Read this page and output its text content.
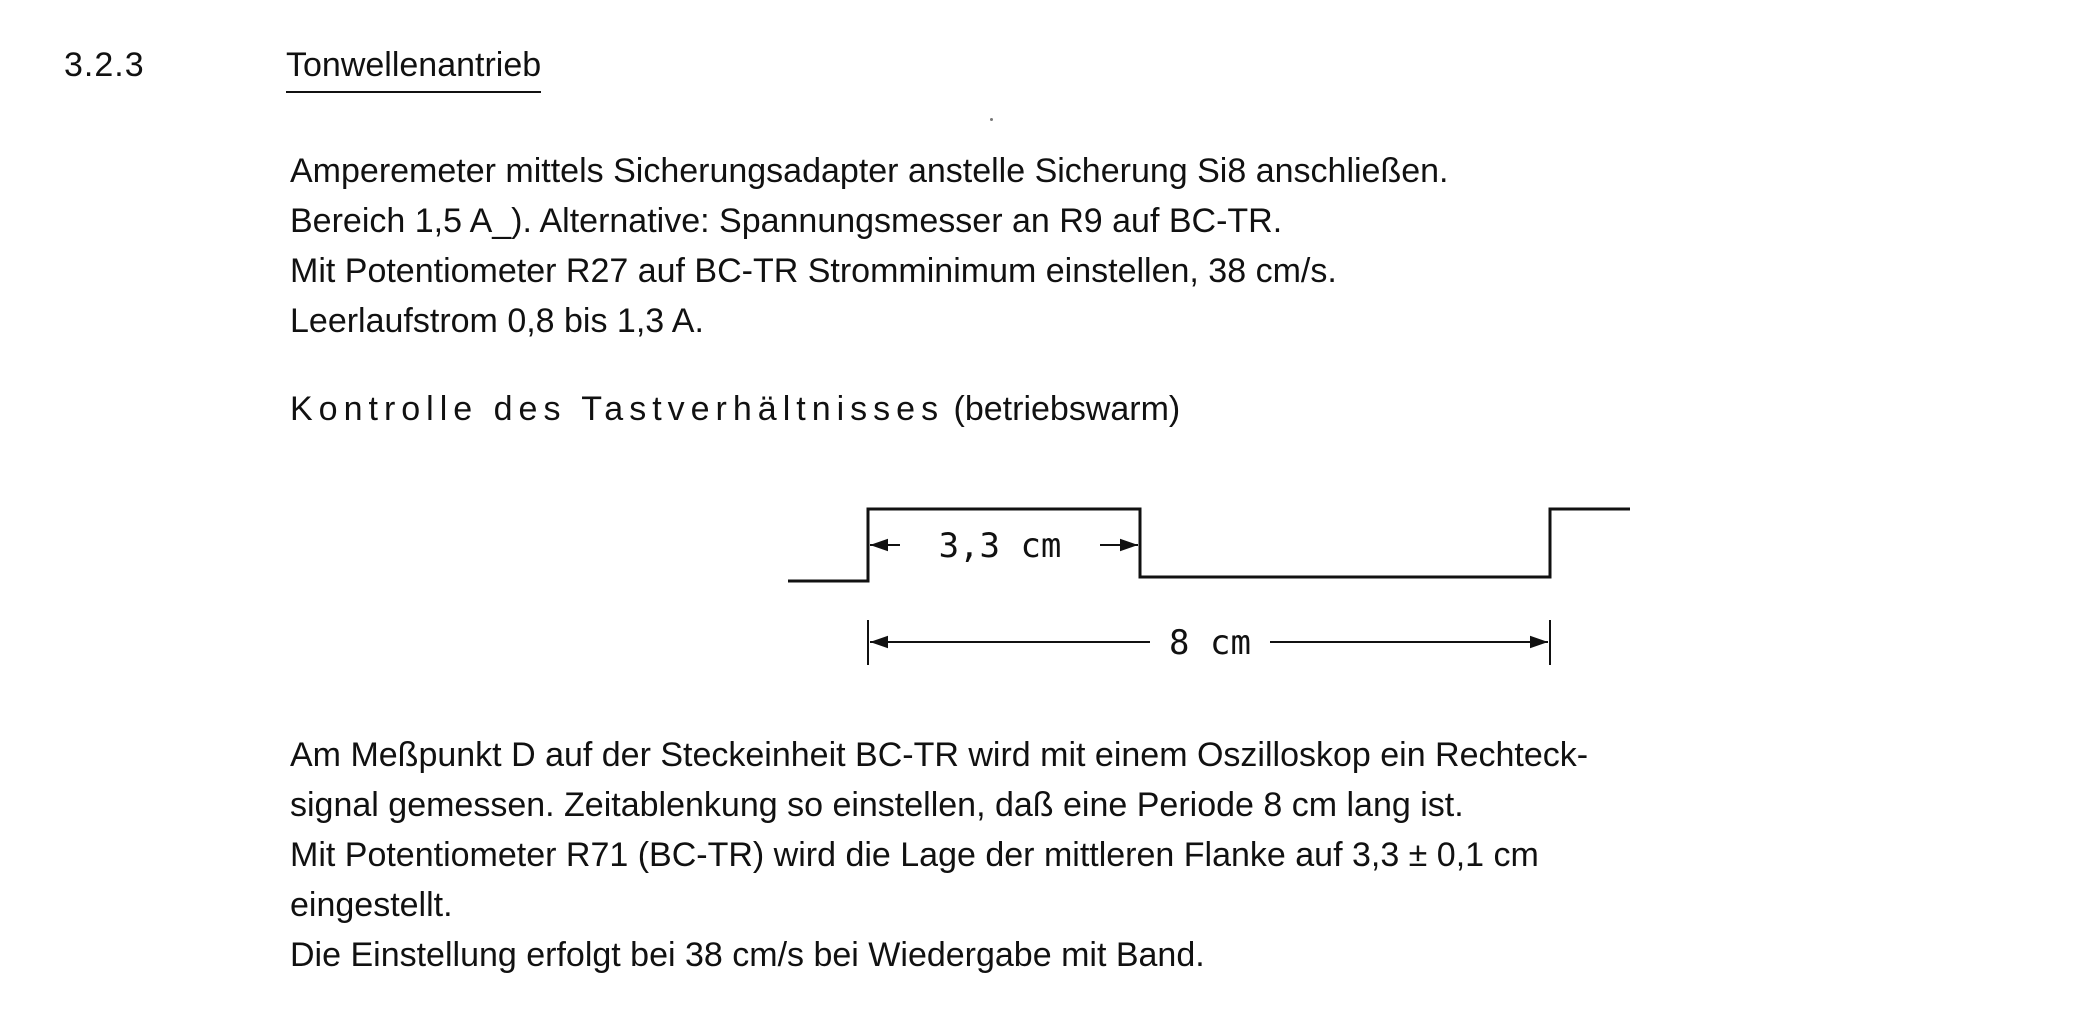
3.2.3	Tonwellenantrieb
Amperemeter mittels Sicherungsadapter anstelle Sicherung Si8 anschließen.
Bereich 1,5 A_). Alternative: Spannungsmesser an R9 auf BC-TR.
Mit Potentiometer R27 auf BC-TR Stromminimum einstellen, 38 cm/s.
Leerlaufstrom 0,8 bis 1,3 A.
Kontrolle des Tastverhältnisses (betriebswarm)
3,3 cm
8 cm
Am Meßpunkt D auf der Steckeinheit BC-TR wird mit einem Oszilloskop ein Rechteck-
signal gemessen. Zeitablenkung so einstellen, daß eine Periode 8 cm lang ist.
Mit Potentiometer R71 (BC-TR) wird die Lage der mittleren Flanke auf 3,3 ± 0,1 cm
eingestellt.
Die Einstellung erfolgt bei 38 cm/s bei Wiedergabe mit Band.
